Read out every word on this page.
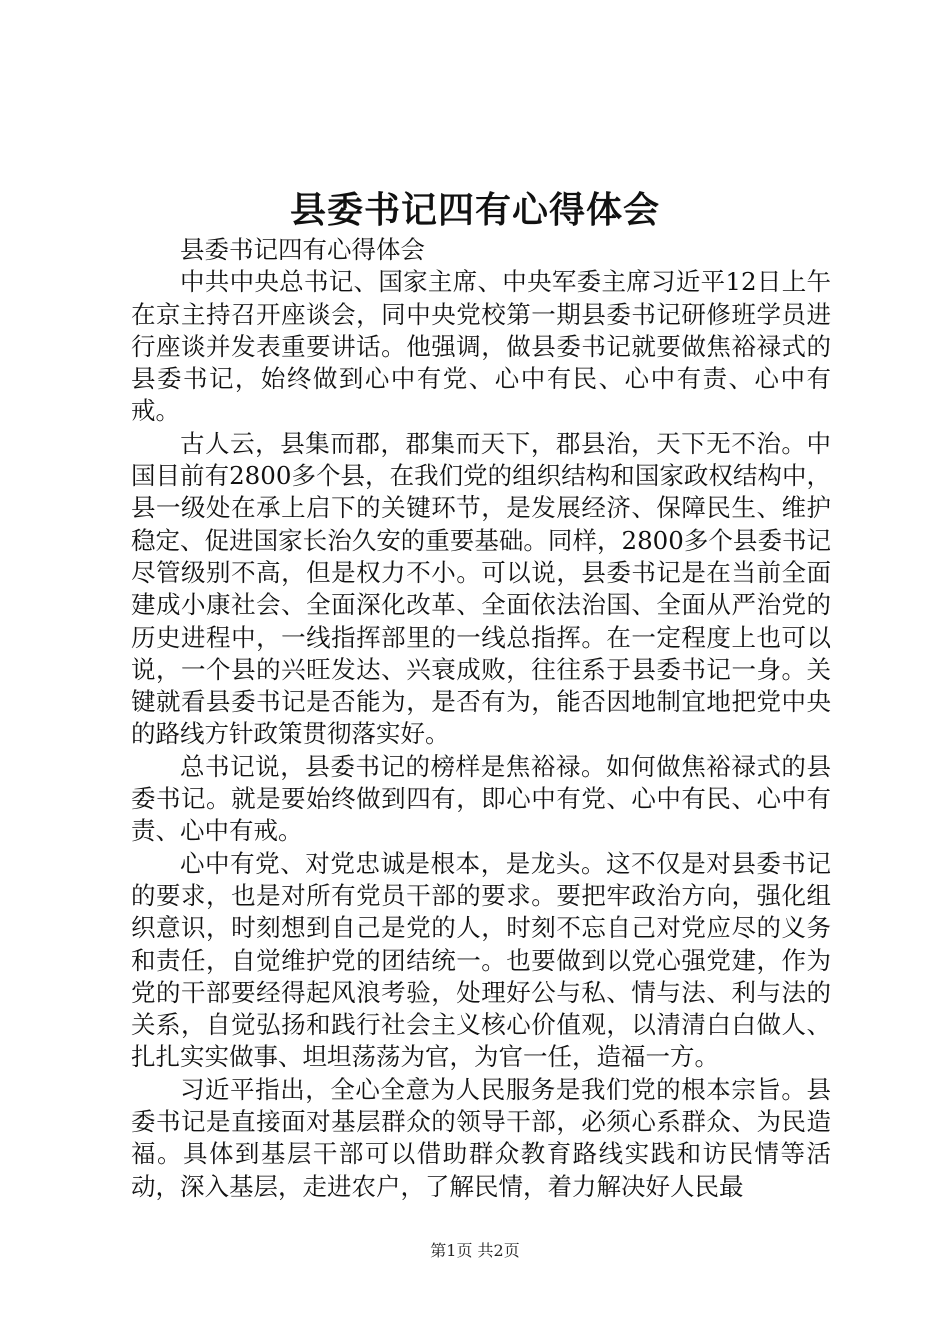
县委书记四有心得体会

县委书记四有心得体会

中共中央总书记、国家主席、中央军委主席习近平12日上午在京主持召开座谈会，同中央党校第一期县委书记研修班学员进行座谈并发表重要讲话。他强调，做县委书记就要做焦裕禄式的县委书记，始终做到心中有党、心中有民、心中有责、心中有戒。

古人云，县集而郡，郡集而天下，郡县治，天下无不治。中国目前有2800多个县，在我们党的组织结构和国家政权结构中，县一级处在承上启下的关键环节，是发展经济、保障民生、维护稳定、促进国家长治久安的重要基础。同样，2800多个县委书记尽管级别不高，但是权力不小。可以说，县委书记是在当前全面建成小康社会、全面深化改革、全面依法治国、全面从严治党的历史进程中，一线指挥部里的一线总指挥。在一定程度上也可以说，一个县的兴旺发达、兴衰成败，往往系于县委书记一身。关键就看县委书记是否能为，是否有为，能否因地制宜地把党中央的路线方针政策贯彻落实好。

总书记说，县委书记的榜样是焦裕禄。如何做焦裕禄式的县委书记。就是要始终做到四有，即心中有党、心中有民、心中有责、心中有戒。

心中有党、对党忠诚是根本，是龙头。这不仅是对县委书记的要求，也是对所有党员干部的要求。要把牢政治方向，强化组织意识，时刻想到自己是党的人，时刻不忘自己对党应尽的义务和责任，自觉维护党的团结统一。也要做到以党心强党建，作为党的干部要经得起风浪考验，处理好公与私、情与法、利与法的关系，自觉弘扬和践行社会主义核心价值观，以清清白白做人、扎扎实实做事、坦坦荡荡为官，为官一任，造福一方。

习近平指出，全心全意为人民服务是我们党的根本宗旨。县委书记是直接面对基层群众的领导干部，必须心系群众、为民造福。具体到基层干部可以借助群众教育路线实践和访民情等活动，深入基层，走进农户，了解民情，着力解决好人民最

第1页 共2页
